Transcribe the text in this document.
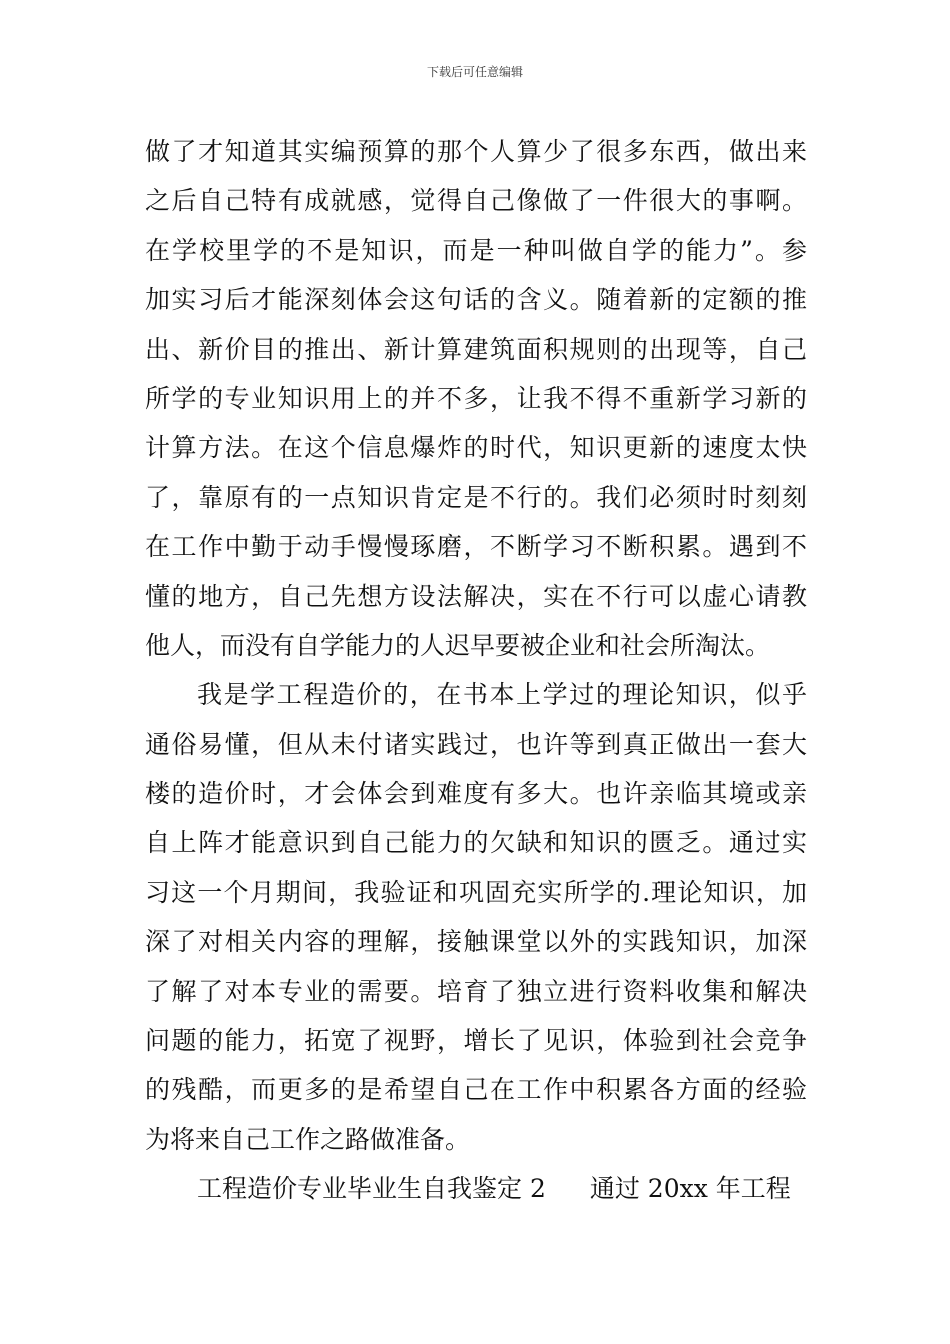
下载后可任意编辑
做了才知道其实编预算的那个人算少了很多东西，做出来
之后自己特有成就感，觉得自己像做了一件很大的事啊。
在学校里学的不是知识，而是一种叫做自学的能力”。参
加实习后才能深刻体会这句话的含义。随着新的定额的推
出、新价目的推出、新计算建筑面积规则的出现等，自己
所学的专业知识用上的并不多，让我不得不重新学习新的
计算方法。在这个信息爆炸的时代，知识更新的速度太快
了，靠原有的一点知识肯定是不行的。我们必须时时刻刻
在工作中勤于动手慢慢琢磨，不断学习不断积累。遇到不
懂的地方，自己先想方设法解决，实在不行可以虚心请教
他人，而没有自学能力的人迟早要被企业和社会所淘汰。
我是学工程造价的，在书本上学过的理论知识，似乎
通俗易懂，但从未付诸实践过，也许等到真正做出一套大
楼的造价时，才会体会到难度有多大。也许亲临其境或亲
自上阵才能意识到自己能力的欠缺和知识的匮乏。通过实
习这一个月期间，我验证和巩固充实所学的.理论知识，加
深了对相关内容的理解，接触课堂以外的实践知识，加深
了解了对本专业的需要。培育了独立进行资料收集和解决
问题的能力，拓宽了视野，增长了见识，体验到社会竞争
的残酷，而更多的是希望自己在工作中积累各方面的经验
为将来自己工作之路做准备。
工程造价专业毕业生自我鉴定 2 通过 20xx 年工程
